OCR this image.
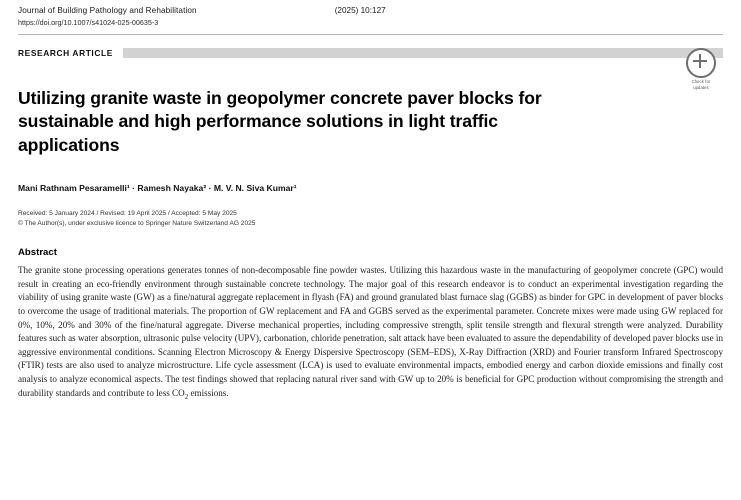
Journal of Building Pathology and Rehabilitation	(2025) 10:127
https://doi.org/10.1007/s41024-025-00635-3
RESEARCH ARTICLE
Check for
updates
Utilizing granite waste in geopolymer concrete paver blocks for sustainable and high performance solutions in light traffic applications
Mani Rathnam Pesaramelli¹ · Ramesh Nayaka² · M. V. N. Siva Kumar¹
Received: 5 January 2024 / Revised: 19 April 2025 / Accepted: 5 May 2025
© The Author(s), under exclusive licence to Springer Nature Switzerland AG 2025
Abstract
The granite stone processing operations generates tonnes of non-decomposable fine powder wastes. Utilizing this hazardous waste in the manufacturing of geopolymer concrete (GPC) would result in creating an eco-friendly environment through sustainable concrete technology. The major goal of this research endeavor is to conduct an experimental investigation regarding the viability of using granite waste (GW) as a fine/natural aggregate replacement in flyash (FA) and ground granulated blast furnace slag (GGBS) as binder for GPC in development of paver blocks to overcome the usage of traditional materials. The proportion of GW replacement and FA and GGBS served as the experimental parameter. Concrete mixes were made using GW replaced for 0%, 10%, 20% and 30% of the fine/natural aggregate. Diverse mechanical properties, including compressive strength, split tensile strength and flexural strength were analyzed. Durability features such as water absorption, ultrasonic pulse velocity (UPV), carbonation, chloride penetration, salt attack have been evaluated to assure the dependability of developed paver blocks use in aggressive environmental conditions. Scanning Electron Microscopy & Energy Dispersive Spectroscopy (SEM–EDS), X-Ray Diffraction (XRD) and Fourier transform Infrared Spectroscopy (FTIR) tests are also used to analyze microstructure. Life cycle assessment (LCA) is used to evaluate environmental impacts, embodied energy and carbon dioxide emissions and finally cost analysis to analyze economical aspects. The test findings showed that replacing natural river sand with GW up to 20% is beneficial for GPC production without compromising the strength and durability standards and contribute to less $CO_2$ emissions.
